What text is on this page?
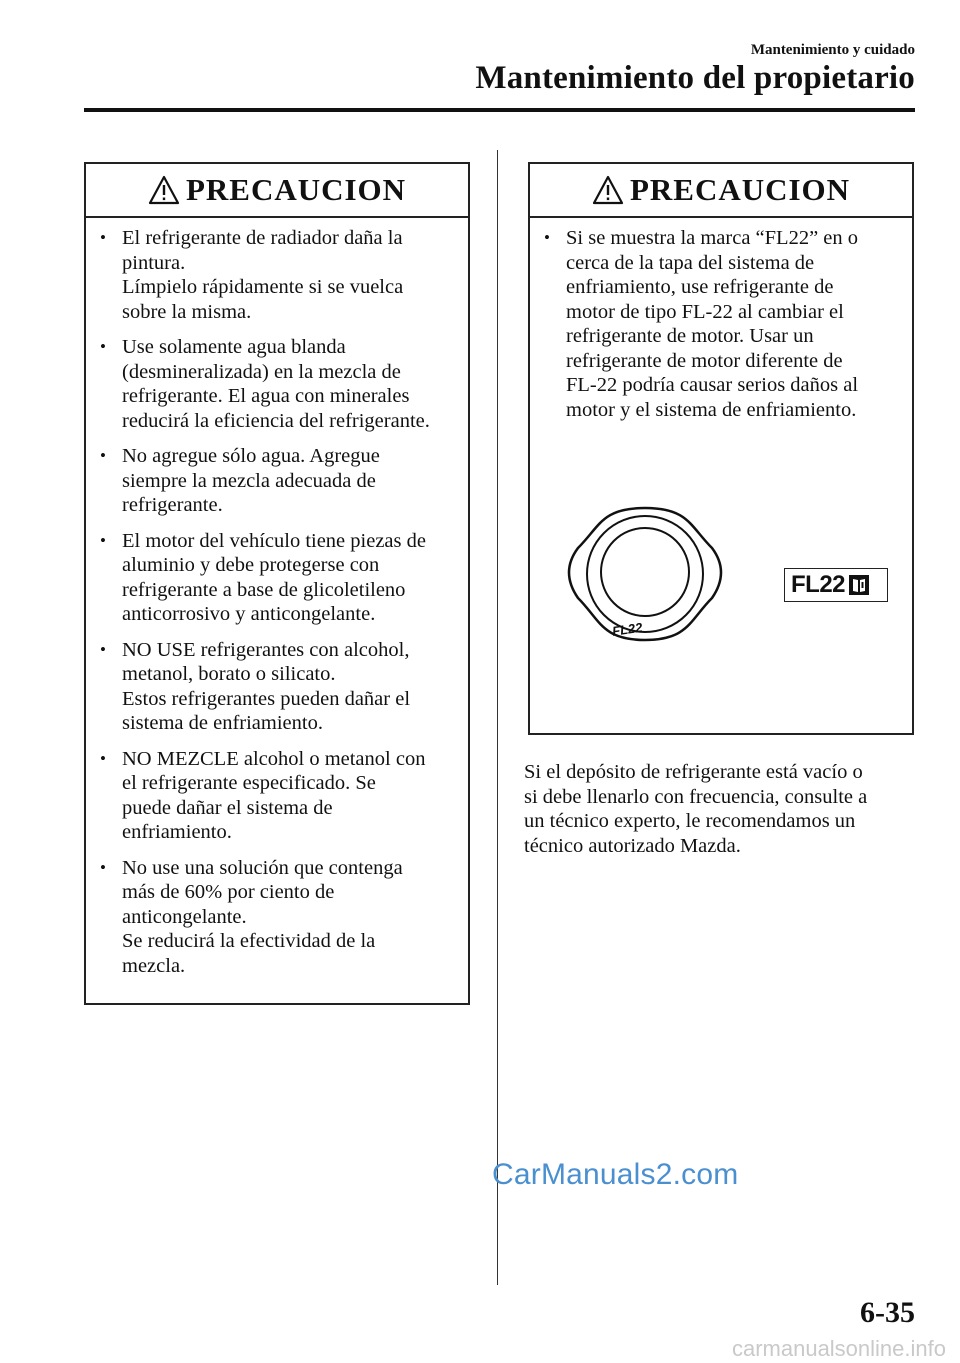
Mantenimiento y cuidado
Mantenimiento del propietario
PRECAUCION
• El refrigerante de radiador daña la
pintura.
Límpielo rápidamente si se vuelca
sobre la misma.
• Use solamente agua blanda
(desmineralizada) en la mezcla de
refrigerante. El agua con minerales
reducirá la eficiencia del refrigerante.
• No agregue sólo agua. Agregue
siempre la mezcla adecuada de
refrigerante.
• El motor del vehículo tiene piezas de
aluminio y debe protegerse con
refrigerante a base de glicoletileno
anticorrosivo y anticongelante.
• NO USE refrigerantes con alcohol,
metanol, borato o silicato.
Estos refrigerantes pueden dañar el
sistema de enfriamiento.
• NO MEZCLE alcohol o metanol con
el refrigerante especificado. Se
puede dañar el sistema de
enfriamiento.
• No use una solución que contenga
más de 60% por ciento de
anticongelante.
Se reducirá la efectividad de la
mezcla.
PRECAUCION
• Si se muestra la marca “FL22” en o
cerca de la tapa del sistema de
enfriamiento, use refrigerante de
motor de tipo FL-22 al cambiar el
refrigerante de motor. Usar un
refrigerante de motor diferente de
FL-22 podría causar serios daños al
motor y el sistema de enfriamiento.
FL22
FL22
Si el depósito de refrigerante está vacío o
si debe llenarlo con frecuencia, consulte a
un técnico experto, le recomendamos un
técnico autorizado Mazda.
CarManuals2.com
6-35
carmanualsonline.info
